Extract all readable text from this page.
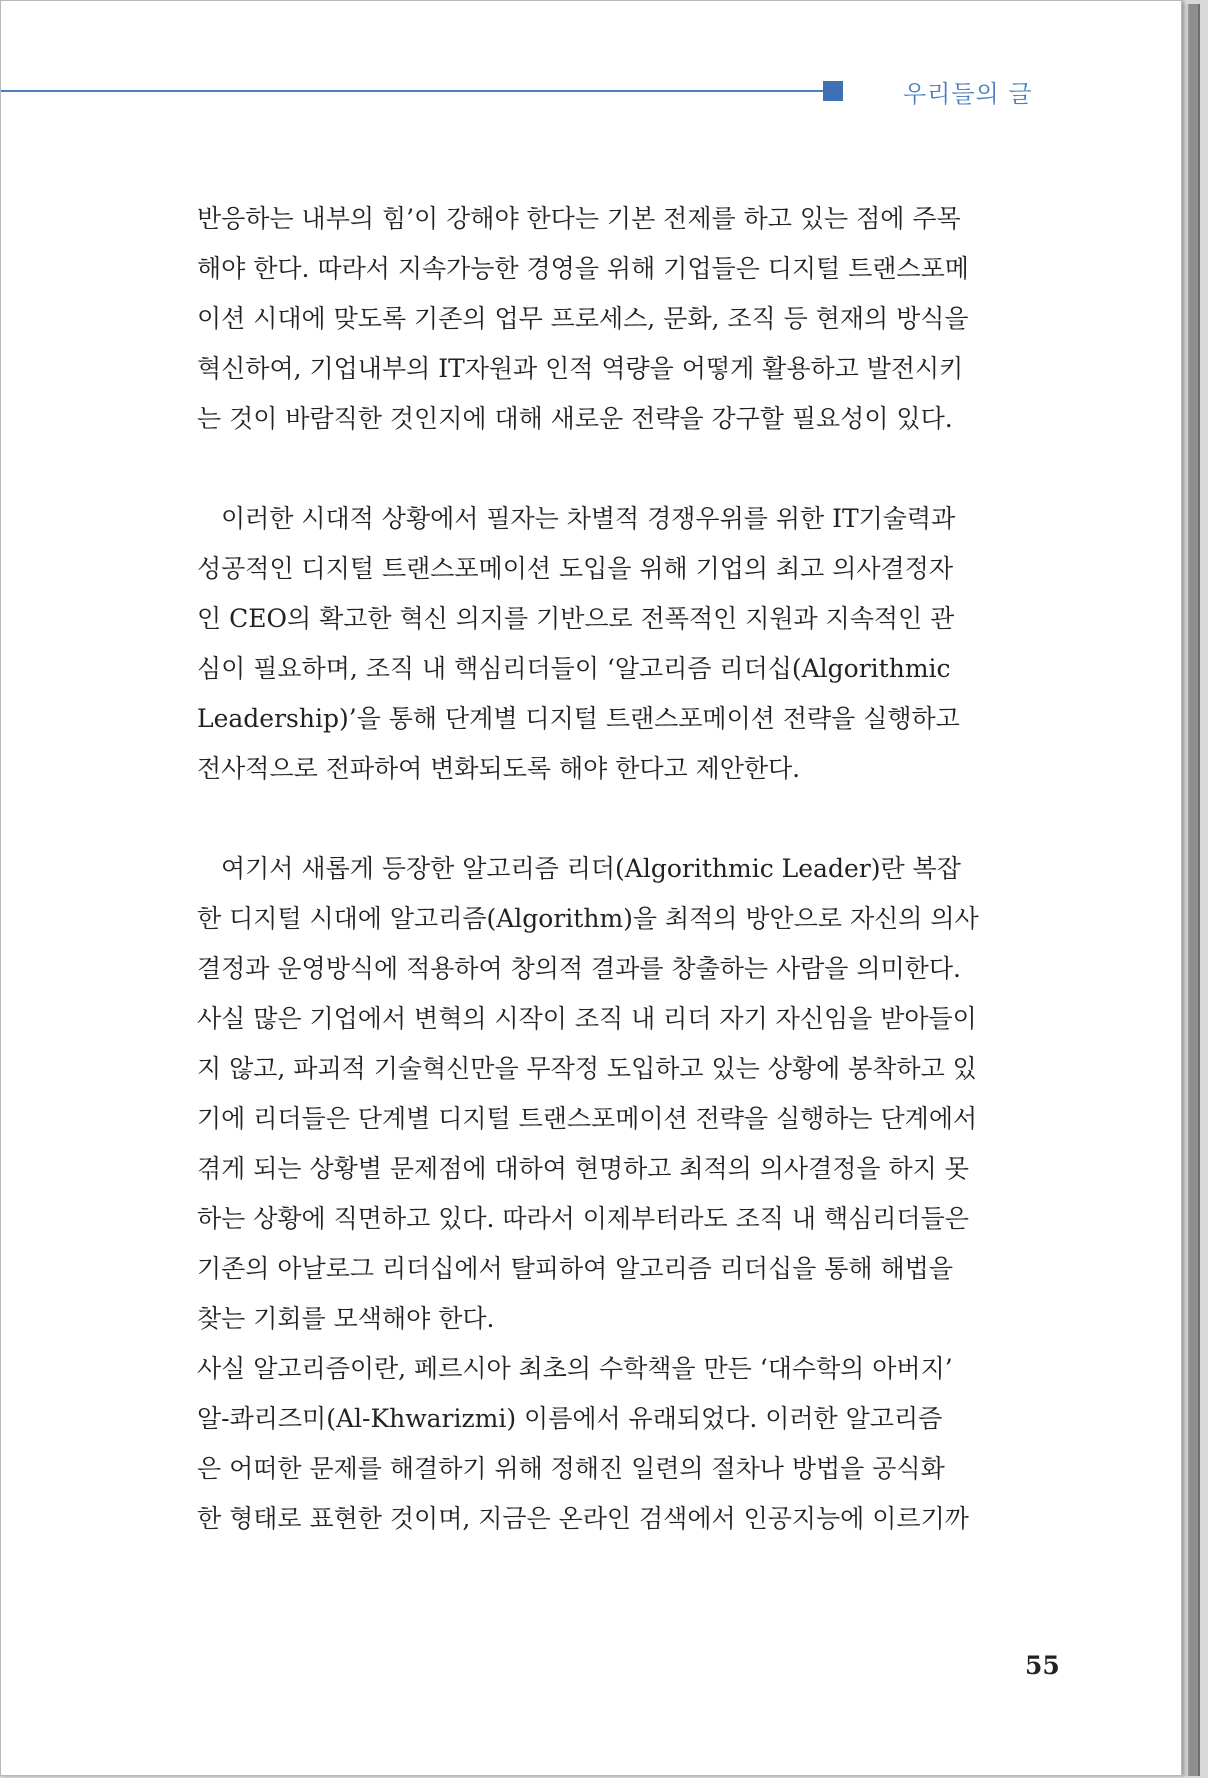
우리들의 글
반응하는 내부의 힘’이 강해야 한다는 기본 전제를 하고 있는 점에 주목
해야 한다. 따라서 지속가능한 경영을 위해 기업들은 디지털 트랜스포메
이션 시대에 맞도록 기존의 업무 프로세스, 문화, 조직 등 현재의 방식을
혁신하여, 기업내부의 IT자원과 인적 역량을 어떻게 활용하고 발전시키
는 것이 바람직한 것인지에 대해 새로운 전략을 강구할 필요성이 있다.
이러한 시대적 상황에서 필자는 차별적 경쟁우위를 위한 IT기술력과
성공적인 디지털 트랜스포메이션 도입을 위해 기업의 최고 의사결정자
인 CEO의 확고한 혁신 의지를 기반으로 전폭적인 지원과 지속적인 관
심이 필요하며, 조직 내 핵심리더들이 ‘알고리즘 리더십(Algorithmic
Leadership)’을 통해 단계별 디지털 트랜스포메이션 전략을 실행하고
전사적으로 전파하여 변화되도록 해야 한다고 제안한다.
여기서 새롭게 등장한 알고리즘 리더(Algorithmic Leader)란 복잡
한 디지털 시대에 알고리즘(Algorithm)을 최적의 방안으로 자신의 의사
결정과 운영방식에 적용하여 창의적 결과를 창출하는 사람을 의미한다.
사실 많은 기업에서 변혁의 시작이 조직 내 리더 자기 자신임을 받아들이
지 않고, 파괴적 기술혁신만을 무작정 도입하고 있는 상황에 봉착하고 있
기에 리더들은 단계별 디지털 트랜스포메이션 전략을 실행하는 단계에서
겪게 되는 상황별 문제점에 대하여 현명하고 최적의 의사결정을 하지 못
하는 상황에 직면하고 있다. 따라서 이제부터라도 조직 내 핵심리더들은
기존의 아날로그 리더십에서 탈피하여 알고리즘 리더십을 통해 해법을
찾는 기회를 모색해야 한다.
사실 알고리즘이란, 페르시아 최초의 수학책을 만든 ‘대수학의 아버지’
알-콰리즈미(Al-Khwarizmi) 이름에서 유래되었다. 이러한 알고리즘
은 어떠한 문제를 해결하기 위해 정해진 일련의 절차나 방법을 공식화
한 형태로 표현한 것이며, 지금은 온라인 검색에서 인공지능에 이르기까
55
